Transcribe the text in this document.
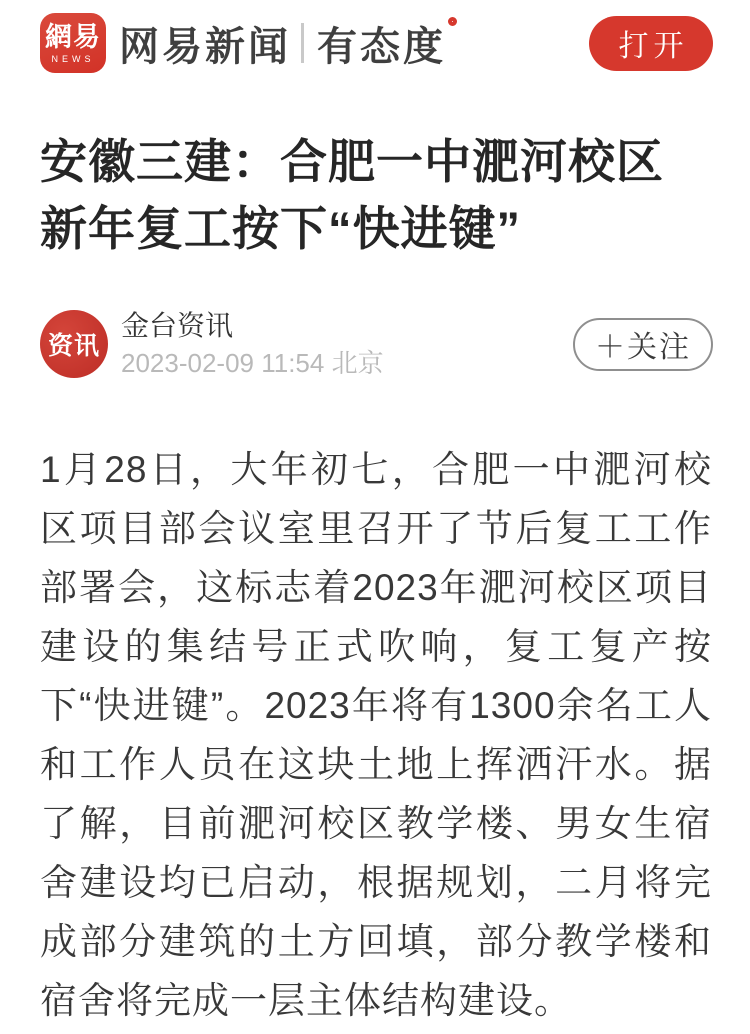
網易
NEWS 网易新闻 有态度	打开
安徽三建：合肥一中淝河校区新年复工按下“快进键”
资讯
金台资讯
2023-02-09 11:54 北京	＋关注

1月28日，大年初七，合肥一中淝河校区项目部会议室里召开了节后复工工作部署会，这标志着2023年淝河校区项目建设的集结号正式吹响，复工复产按下“快进键”。2023年将有1300余名工人和工作人员在这块土地上挥洒汗水。据了解，目前淝河校区教学楼、男女生宿舍建设均已启动，根据规划，二月将完成部分建筑的土方回填，部分教学楼和宿舍将完成一层主体结构建设。
